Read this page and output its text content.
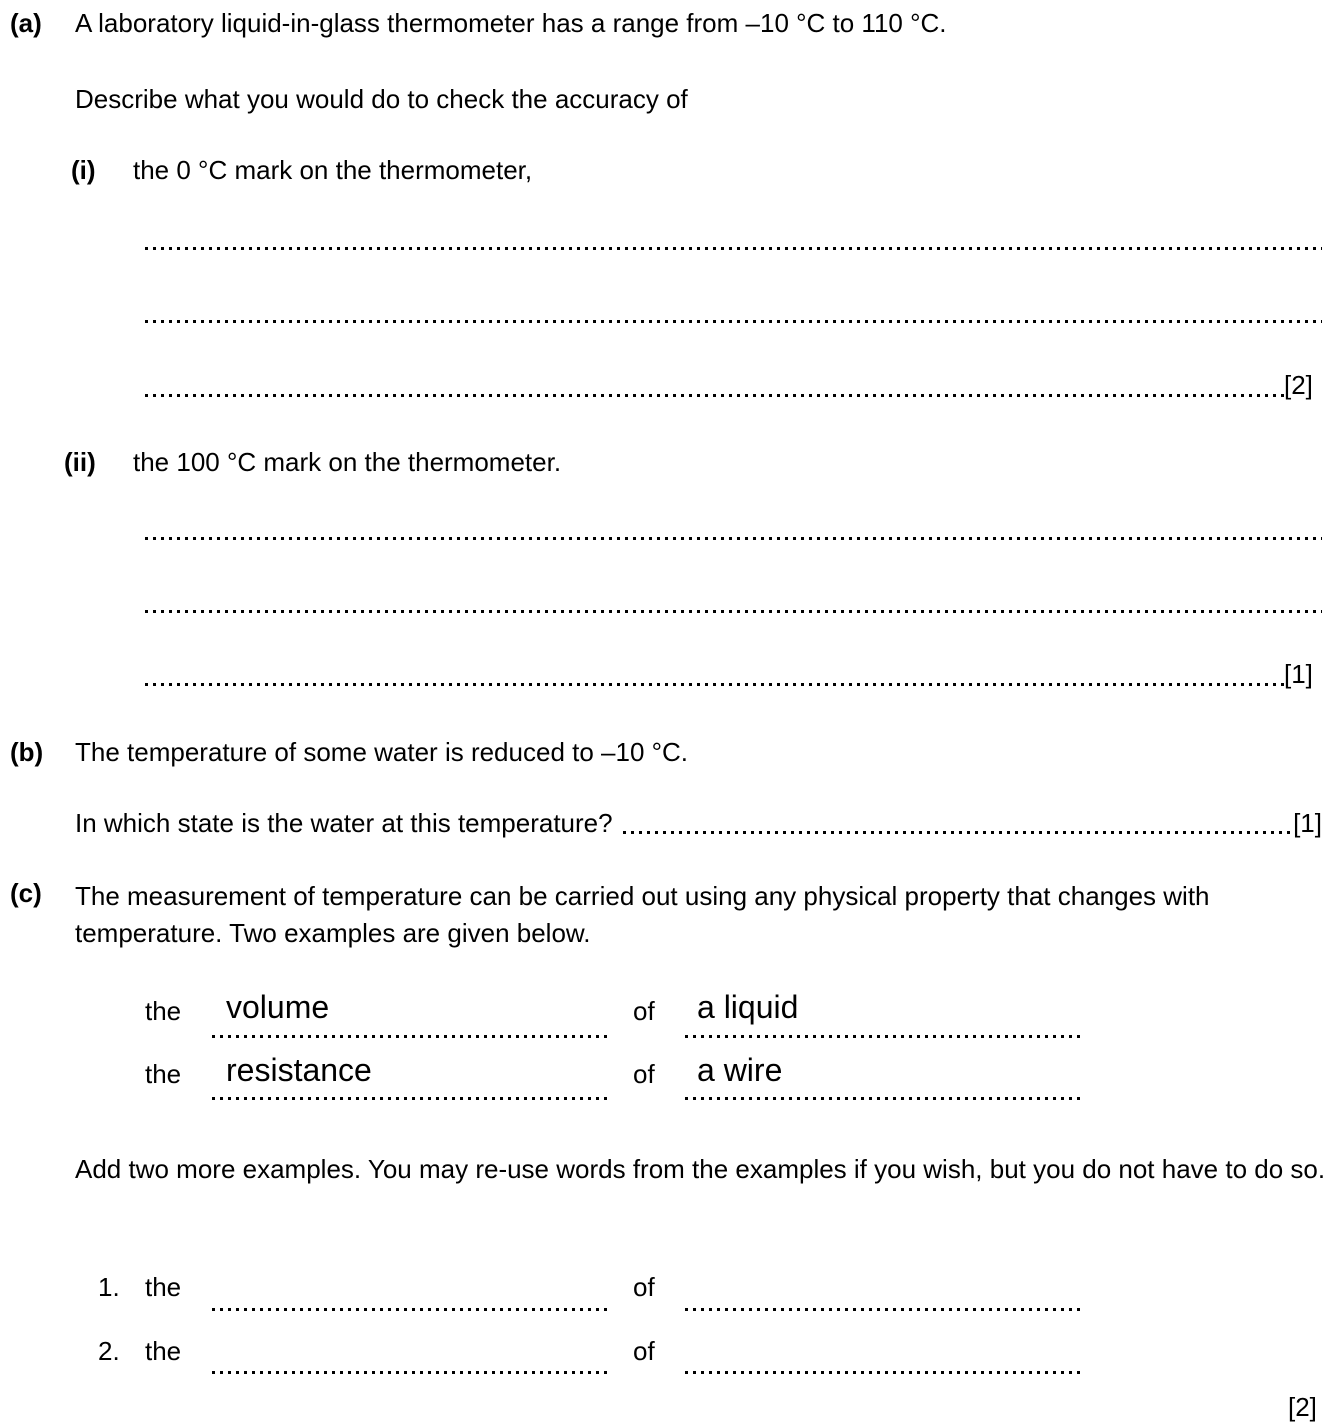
(a) A laboratory liquid-in-glass thermometer has a range from –10 °C to 110 °C.
Describe what you would do to check the accuracy of
(i) the 0 °C mark on the thermometer,
[2]
(ii) the 100 °C mark on the thermometer.
[1]
(b) The temperature of some water is reduced to –10 °C.
In which state is the water at this temperature?	[1]
(c) The measurement of temperature can be carried out using any physical property that changes with temperature. Two examples are given below.
the volume	of a liquid
the resistance	of a wire
Add two more examples. You may re-use words from the examples if you wish, but you do not have to do so.
1. the	of
2. the	of
[2]
